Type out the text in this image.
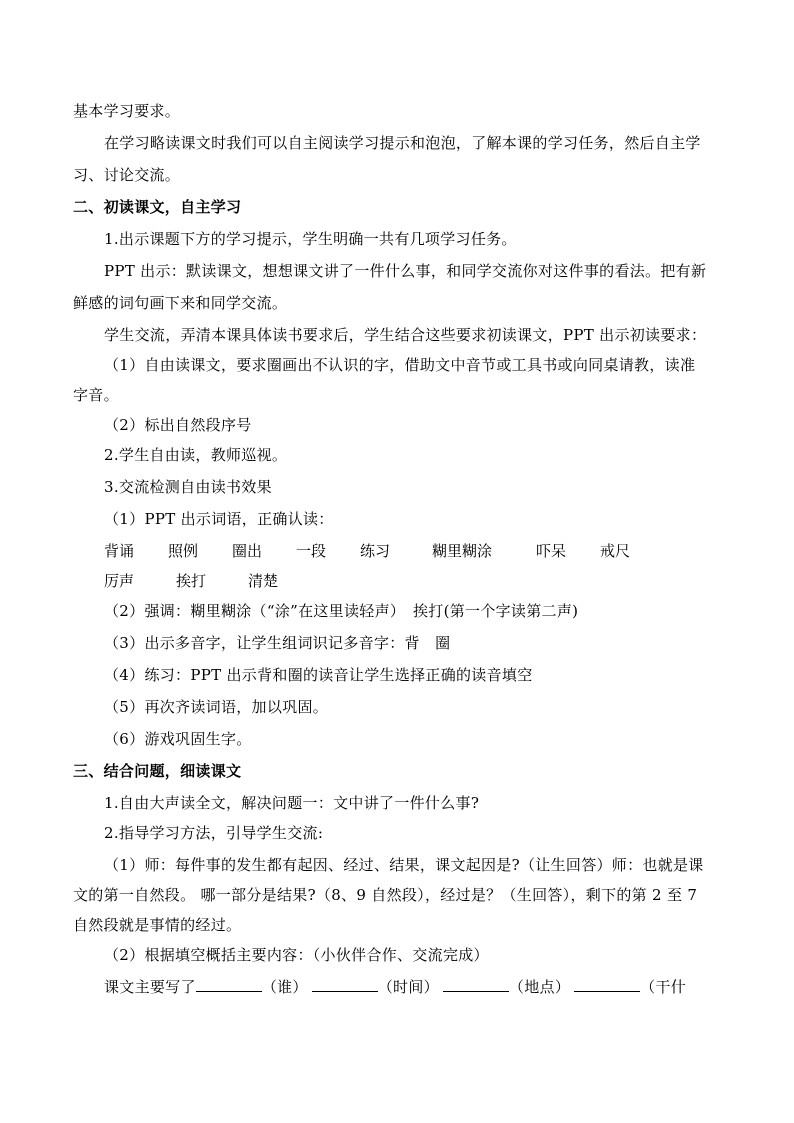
基本学习要求。
在学习略读课文时我们可以自主阅读学习提示和泡泡，了解本课的学习任务，然后自主学
习、讨论交流。
二、初读课文，自主学习
1.出示课题下方的学习提示，学生明确一共有几项学习任务。
PPT 出示：默读课文，想想课文讲了一件什么事，和同学交流你对这件事的看法。把有新
鲜感的词句画下来和同学交流。
学生交流，弄清本课具体读书要求后，学生结合这些要求初读课文，PPT 出示初读要求：
（1）自由读课文，要求圈画出不认识的字，借助文中音节或工具书或向同桌请教，读准
字音。
（2）标出自然段序号
2.学生自由读，教师巡视。
3.交流检测自由读书效果
（1）PPT 出示词语，正确认读：
背诵 照例 圈出 一段 练习	糊里糊涂	吓呆 戒尺
厉声	挨打	清楚
（2）强调：糊里糊涂（“涂”在这里读轻声）　挨打(第一个字读第二声)
（3）出示多音字，让学生组词识记多音字：背　圈
（4）练习：PPT 出示背和圈的读音让学生选择正确的读音填空
（5）再次齐读词语，加以巩固。
（6）游戏巩固生字。
三、结合问题，细读课文
1.自由大声读全文，解决问题一：文中讲了一件什么事?
2.指导学习方法，引导学生交流:
（1）师：每件事的发生都有起因、经过、结果，课文起因是?（让生回答）师：也就是课
文的第一自然段。 哪一部分是结果?（8、9 自然段），经过是？（生回答），剩下的第 2 至 7
自然段就是事情的经过。
（2）根据填空概括主要内容：（小伙伴合作、交流完成）
课文主要写了	（谁）	（时间）	（地点）	（干什
